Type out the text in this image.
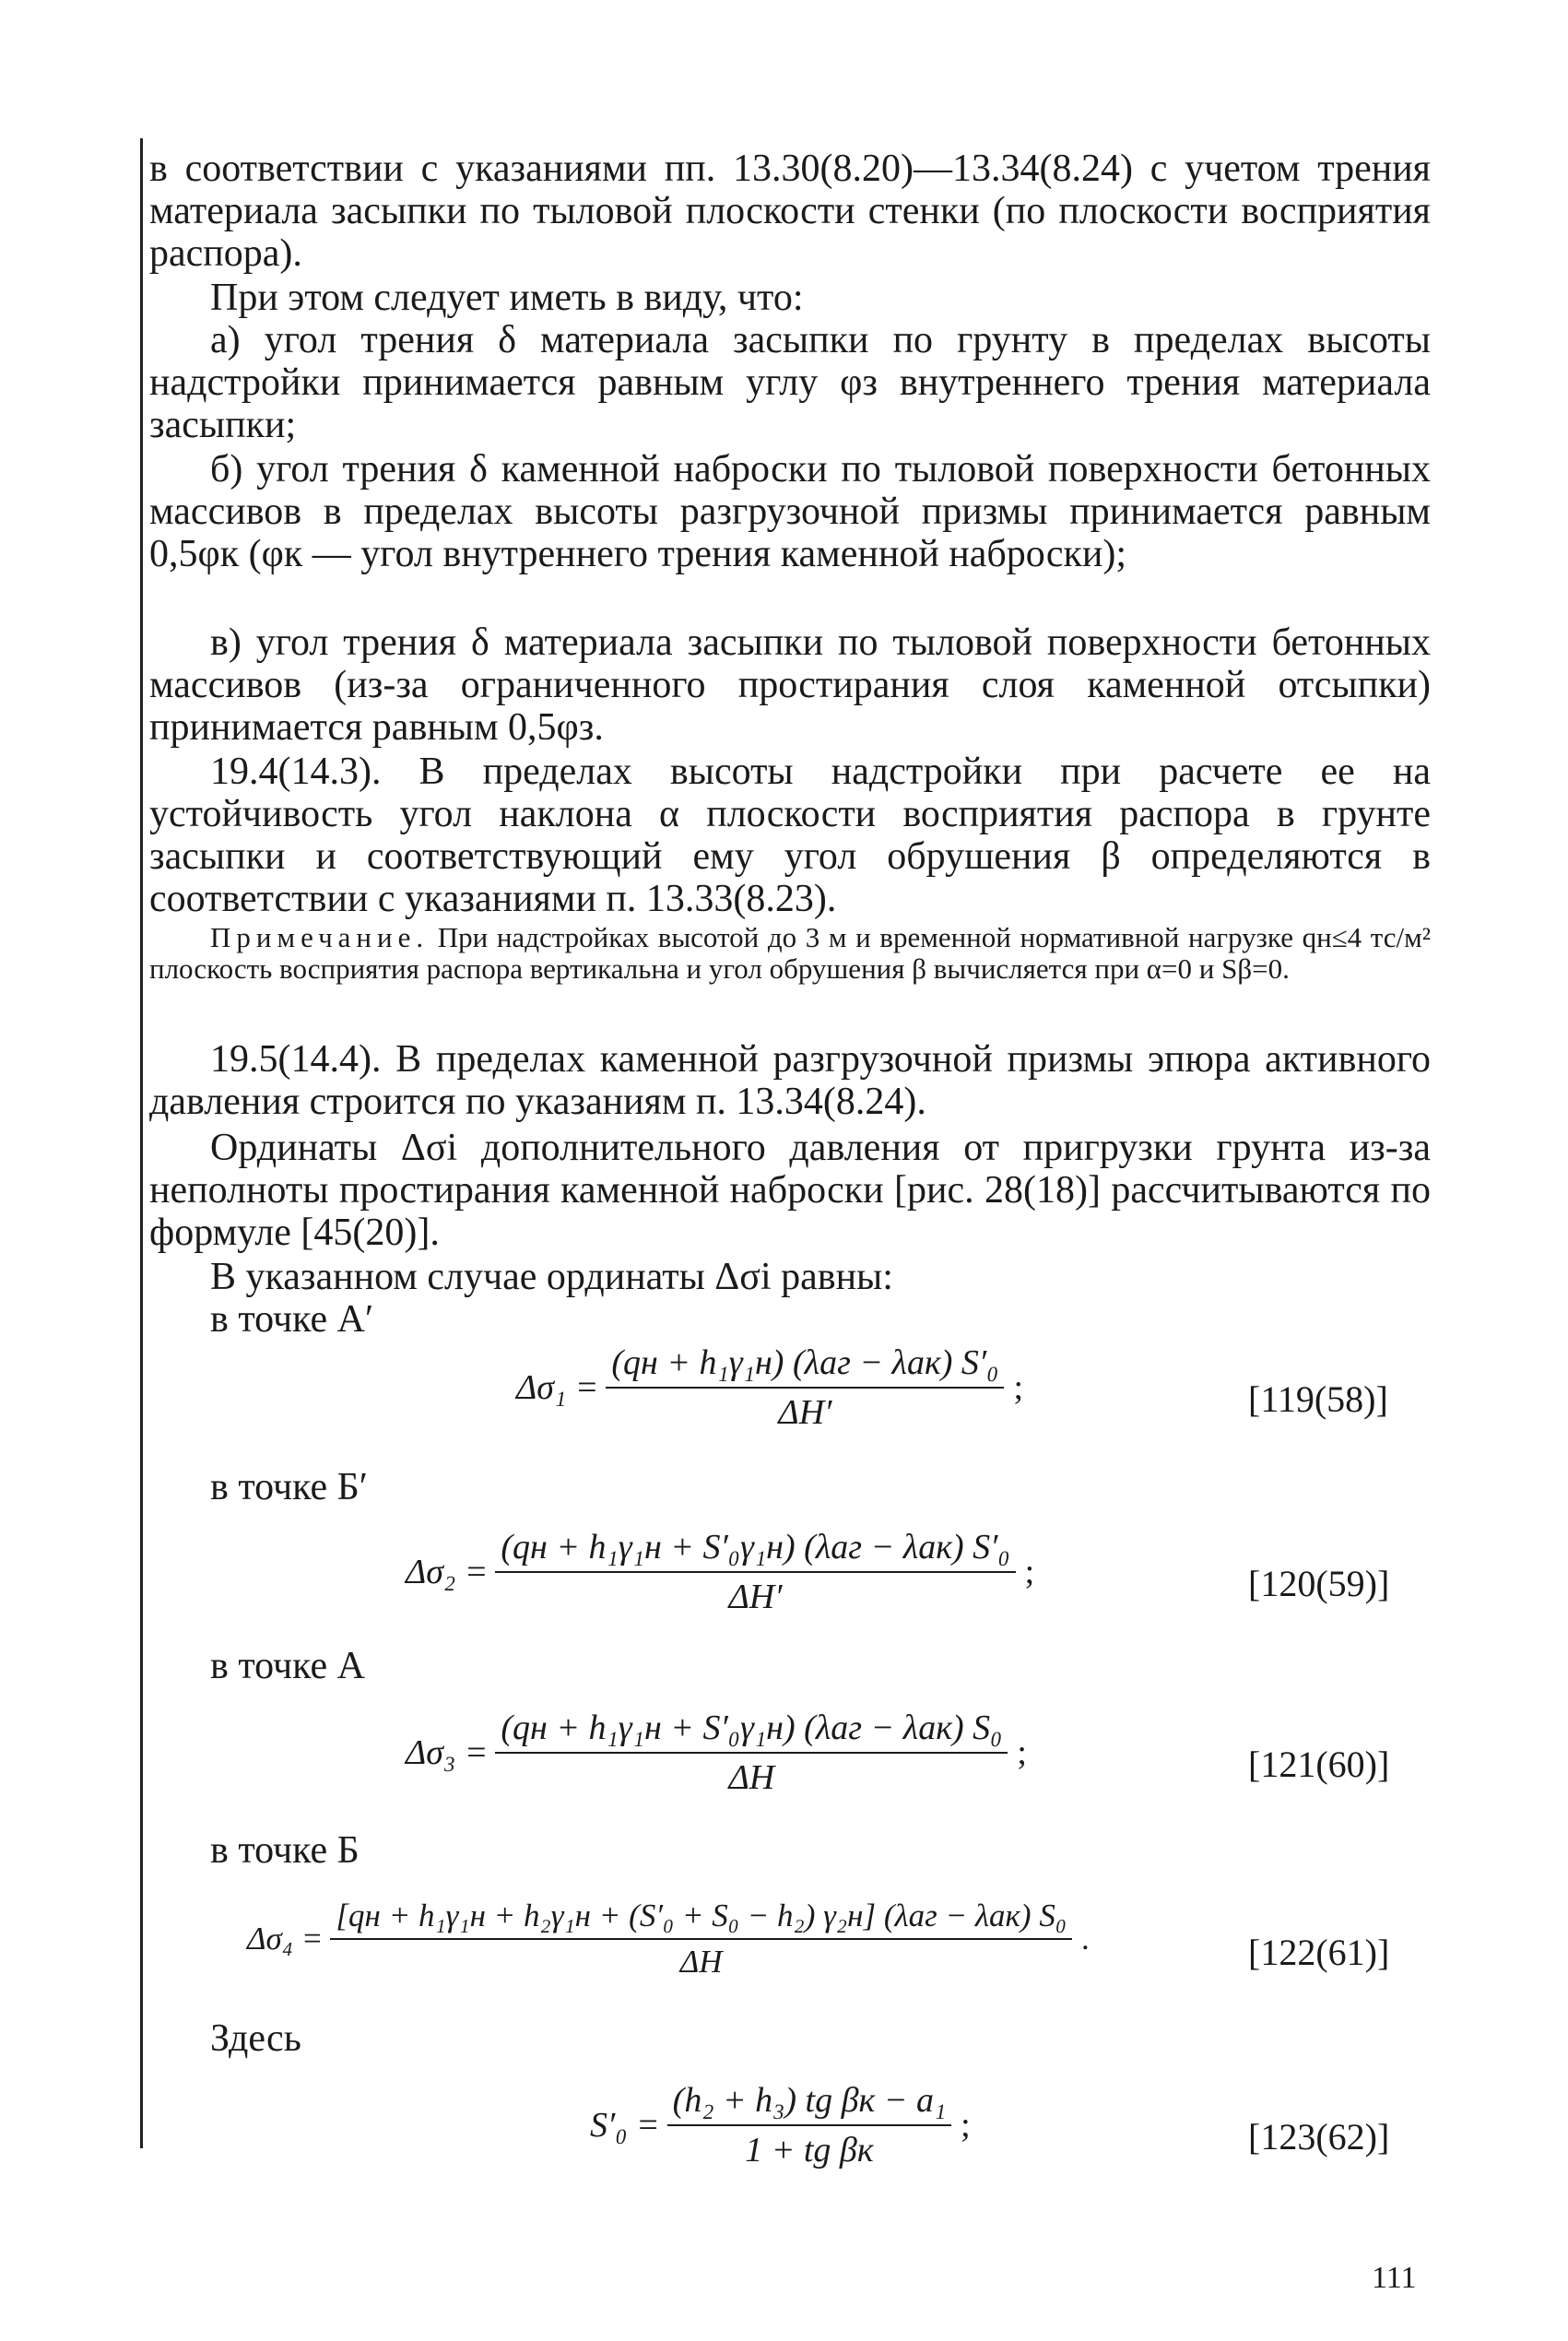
в соответствии с указаниями пп. 13.30(8.20)—13.34(8.24) с учетом трения материала засыпки по тыловой плоскости стенки (по плоскости восприятия распора).

При этом следует иметь в виду, что:

а) угол трения δ материала засыпки по грунту в пределах высоты надстройки принимается равным углу φз внутреннего трения материала засыпки;

б) угол трения δ каменной наброски по тыловой поверхности бетонных массивов в пределах высоты разгрузочной призмы принимается равным 0,5φк (φк — угол внутреннего трения каменной наброски);

в) угол трения δ материала засыпки по тыловой поверхности бетонных массивов (из-за ограниченного простирания слоя каменной отсыпки) принимается равным 0,5φз.

19.4(14.3). В пределах высоты надстройки при расчете ее на устойчивость угол наклона α плоскости восприятия распора в грунте засыпки и соответствующий ему угол обрушения β определяются в соответствии с указаниями п. 13.33(8.23).

Примечание. При надстройках высотой до 3 м и временной нормативной нагрузке qн≤4 тс/м² плоскость восприятия распора вертикальна и угол обрушения β вычисляется при α=0 и Sβ=0.

19.5(14.4). В пределах каменной разгрузочной призмы эпюра активного давления строится по указаниям п. 13.34(8.24).

Ординаты Δσi дополнительного давления от пригрузки грунта из-за неполноты простирания каменной наброски [рис. 28(18)] рассчитываются по формуле [45(20)].

В указанном случае ординаты Δσi равны:

в точке А′
$\Delta\sigma_1 = \frac{\text{(qн + h₁γ₁н) (λаг − λак) S′₀}}{\Delta H'}$ ;	[119(58)]
в точке Б′
$\Delta\sigma_2 = \frac{\text{(qн + h₁γ₁н + S′₀γ₁н) (λаг − λак) S′₀}}{\Delta H'}$ ;	[120(59)]
в точке А
$\Delta\sigma_3 = \frac{\text{(qн + h₁γ₁н + S′₀γ₁н) (λаг − λак) S₀}}{\Delta H}$ ;	[121(60)]
в точке Б
$\Delta\sigma_4 = \frac{\text{[qн + h₁γ₁н + h₂γ₁н + (S′₀ + S₀ − h₂) γ₂н] (λаг − λак) S₀}}{\Delta H}$ .	[122(61)]
Здесь
$S'_0 = \frac{\text{(h₂ + h₃) tg βк − a₁}}{\text{1 + tg βк}}$ ;	[123(62)]
111
